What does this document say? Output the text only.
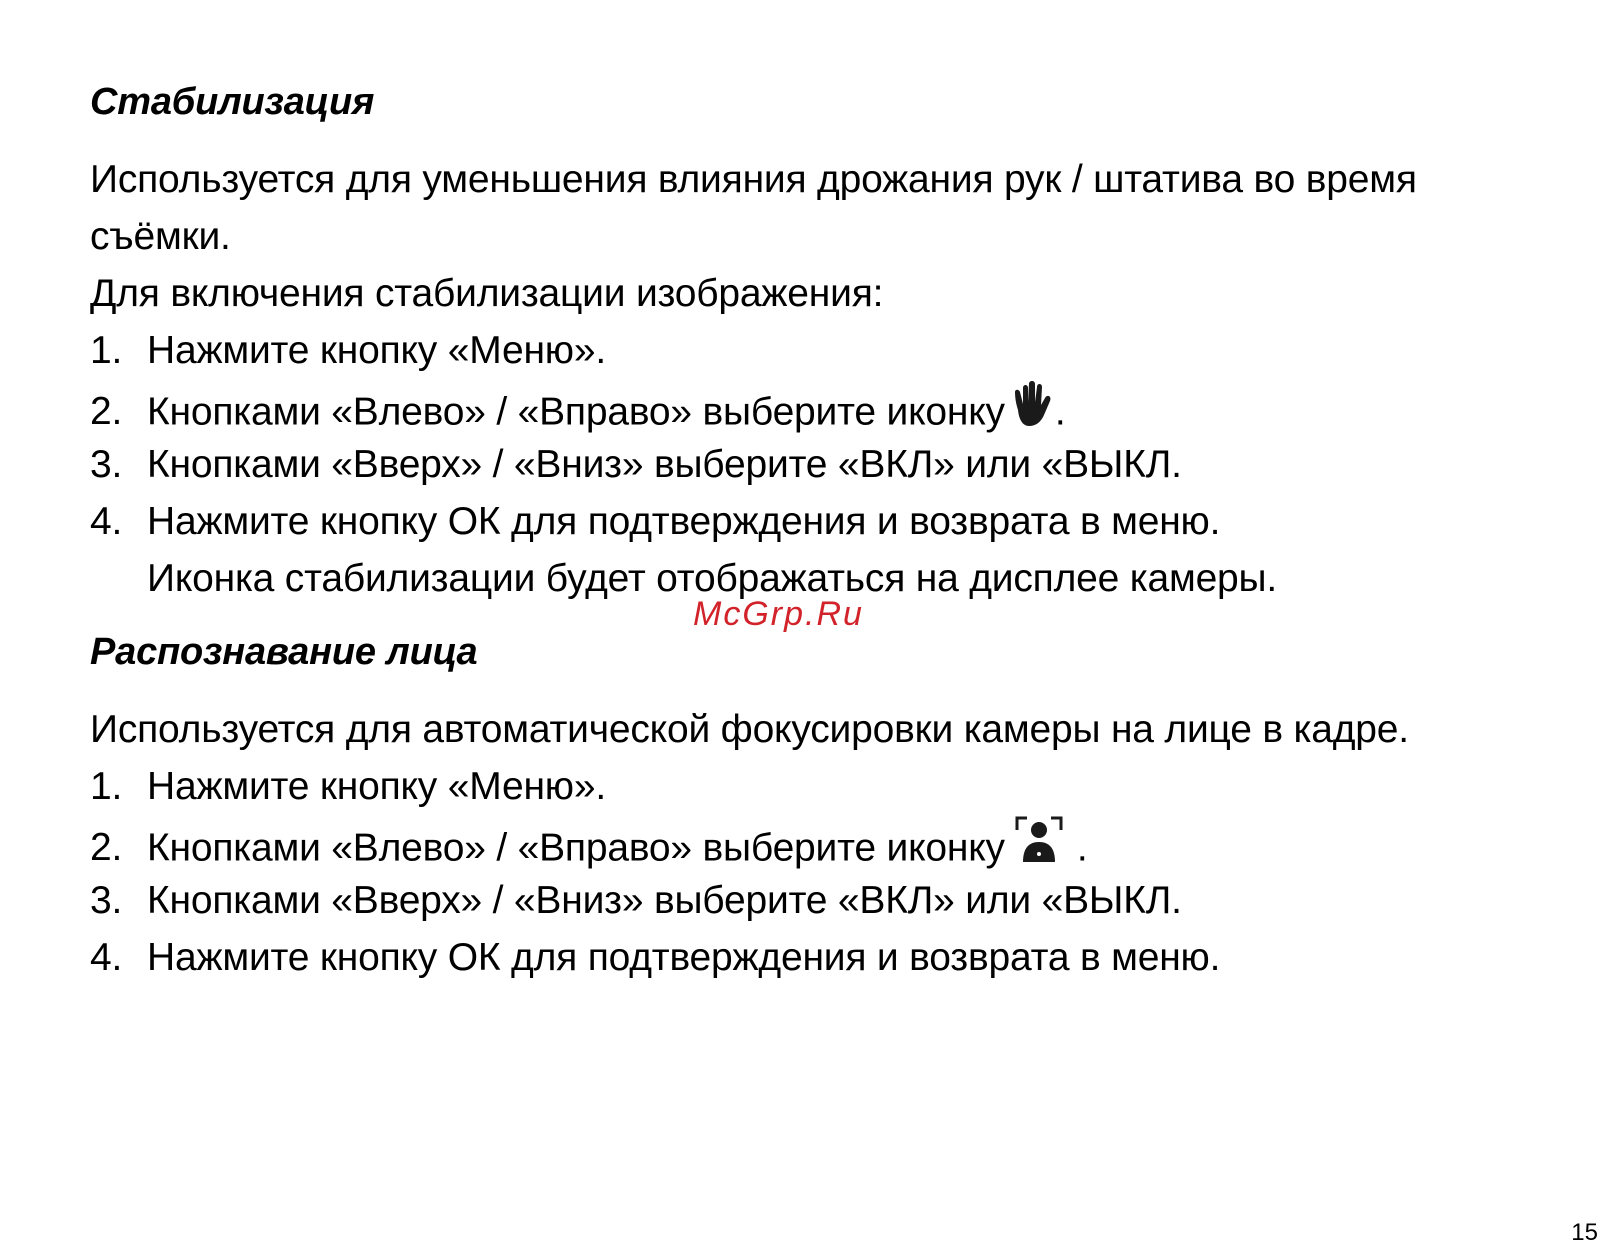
Стабилизация
Используется для уменьшения влияния дрожания рук / штатива во время
съёмки.
Для включения стабилизации изображения:
1. Нажмите кнопку «Меню».
2. Кнопками «Влево» / «Вправо» выберите иконку .
3. Кнопками «Вверх» / «Вниз» выберите «ВКЛ» или «ВЫКЛ.
4. Нажмите кнопку ОК для подтверждения и возврата в меню.
Иконка стабилизации будет отображаться на дисплее камеры.
McGrp.Ru
Распознавание лица
Используется для автоматической фокусировки камеры на лице в кадре.
1. Нажмите кнопку «Меню».
2. Кнопками «Влево» / «Вправо» выберите иконку .
3. Кнопками «Вверх» / «Вниз» выберите «ВКЛ» или «ВЫКЛ.
4. Нажмите кнопку ОК для подтверждения и возврата в меню.
15
